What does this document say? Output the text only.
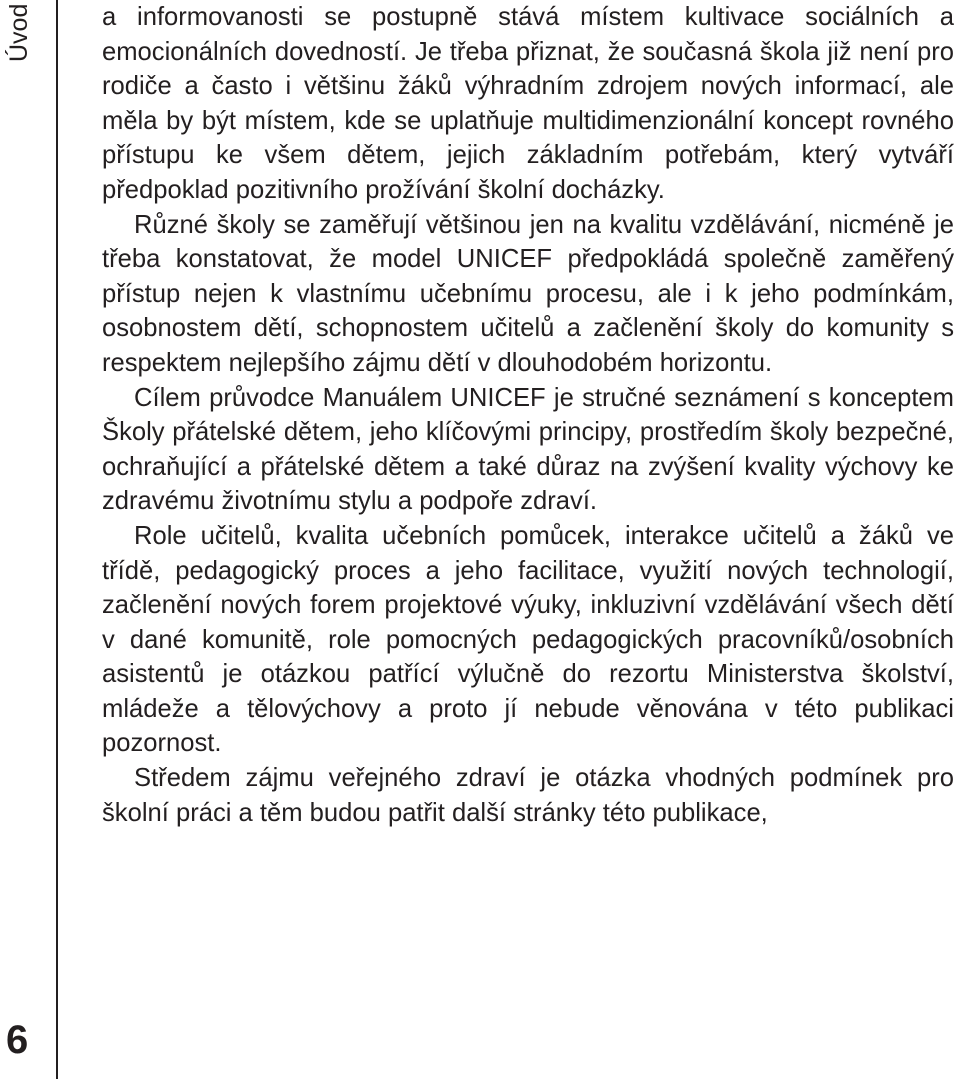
Úvod
6

a informovanosti se postupně stává místem kultivace sociálních a emocionálních dovedností. Je třeba přiznat, že současná škola již není pro rodiče a často i většinu žáků výhradním zdrojem nových informací, ale měla by být místem, kde se uplatňuje multidimenzionální koncept rovného přístupu ke všem dětem, jejich základním potřebám, který vytváří předpoklad pozitivního prožívání školní docházky.

Různé školy se zaměřují většinou jen na kvalitu vzdělávání, nicméně je třeba konstatovat, že model UNICEF předpokládá společně zaměřený přístup nejen k vlastnímu učebnímu procesu, ale i k jeho podmínkám, osobnostem dětí, schopnostem učitelů a začlenění školy do komunity s respektem nejlepšího zájmu dětí v dlouhodobém horizontu.

Cílem průvodce Manuálem UNICEF je stručné seznámení s konceptem Školy přátelské dětem, jeho klíčovými principy, prostředím školy bezpečné, ochraňující a přátelské dětem a také důraz na zvýšení kvality výchovy ke zdravému životnímu stylu a podpoře zdraví.

Role učitelů, kvalita učebních pomůcek, interakce učitelů a žáků ve třídě, pedagogický proces a jeho facilitace, využití nových technologií, začlenění nových forem projektové výuky, inkluzivní vzdělávání všech dětí v dané komunitě, role pomocných pedagogických pracovníků/osobních asistentů je otázkou patřící výlučně do rezortu Ministerstva školství, mládeže a tělovýchovy a proto jí nebude věnována v této publikaci pozornost.

Středem zájmu veřejného zdraví je otázka vhodných podmínek pro školní práci a těm budou patřit další stránky této publikace,
